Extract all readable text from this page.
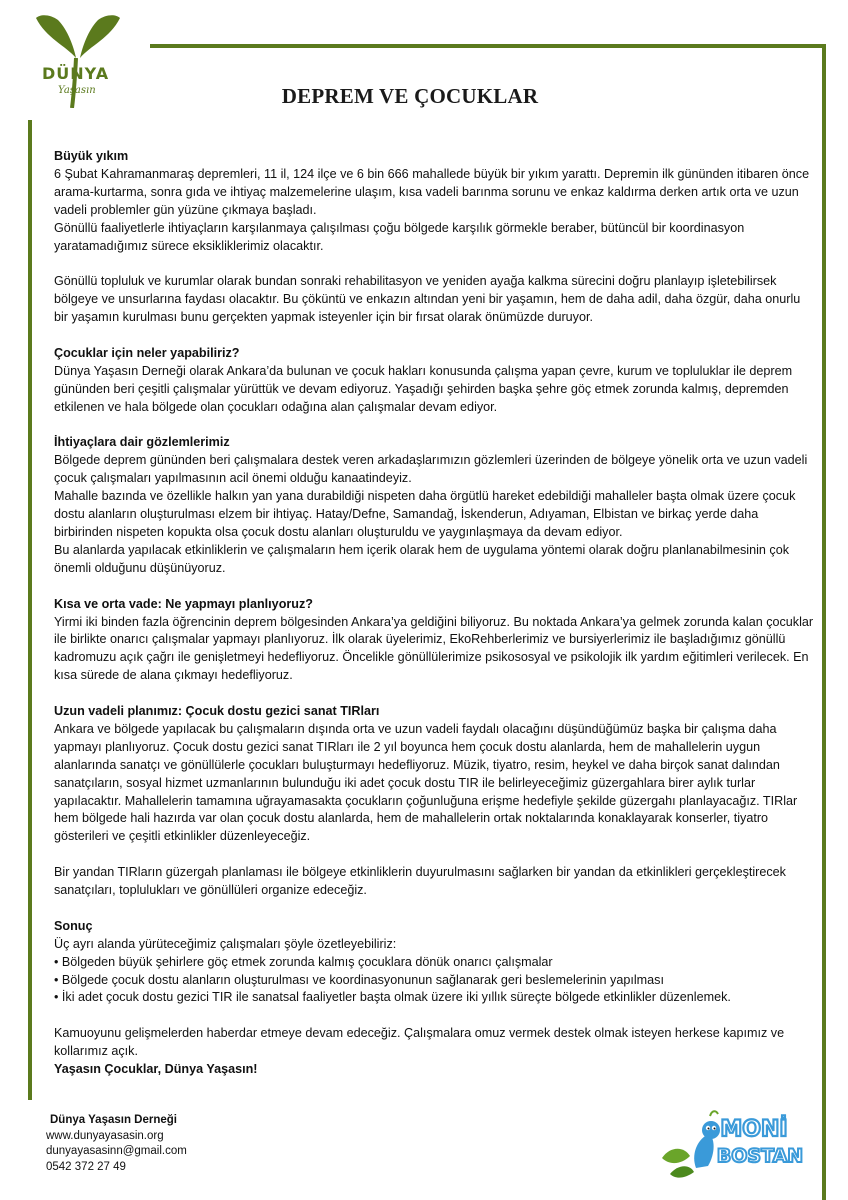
DÜNYA
Yaşasın	DEPREM VE ÇOCUKLAR

Büyük yıkım

6 Şubat Kahramanmaraş depremleri, 11 il, 124 ilçe ve 6 bin 666 mahallede büyük bir yıkım yarattı. Depremin ilk gününden itibaren önce arama-kurtarma, sonra gıda ve ihtiyaç malzemelerine ulaşım, kısa vadeli barınma sorunu ve enkaz kaldırma derken artık orta ve uzun vadeli problemler gün yüzüne çıkmaya başladı.

Gönüllü faaliyetlerle ihtiyaçların karşılanmaya çalışılması çoğu bölgede karşılık görmekle beraber, bütüncül bir koordinasyon yaratamadığımız sürece eksikliklerimiz olacaktır.

Gönüllü topluluk ve kurumlar olarak bundan sonraki rehabilitasyon ve yeniden ayağa kalkma sürecini doğru planlayıp işletebilirsek bölgeye ve unsurlarına faydası olacaktır. Bu çöküntü ve enkazın altından yeni bir yaşamın, hem de daha adil, daha özgür, daha onurlu bir yaşamın kurulması bunu gerçekten yapmak isteyenler için bir fırsat olarak önümüzde duruyor.

Çocuklar için neler yapabiliriz?

Dünya Yaşasın Derneği olarak Ankara’da bulunan ve çocuk hakları konusunda çalışma yapan çevre, kurum ve topluluklar ile deprem gününden beri çeşitli çalışmalar yürüttük ve devam ediyoruz. Yaşadığı şehirden başka şehre göç etmek zorunda kalmış, depremden etkilenen ve hala bölgede olan çocukları odağına alan çalışmalar devam ediyor.

İhtiyaçlara dair gözlemlerimiz

Bölgede deprem gününden beri çalışmalara destek veren arkadaşlarımızın gözlemleri üzerinden de bölgeye yönelik orta ve uzun vadeli çocuk çalışmaları yapılmasının acil önemi olduğu kanaatindeyiz.

Mahalle bazında ve özellikle halkın yan yana durabildiği nispeten daha örgütlü hareket edebildiği mahalleler başta olmak üzere çocuk dostu alanların oluşturulması elzem bir ihtiyaç. Hatay/Defne, Samandağ, İskenderun, Adıyaman, Elbistan ve birkaç yerde daha birbirinden nispeten kopukta olsa çocuk dostu alanları oluşturuldu ve yaygınlaşmaya da devam ediyor.

Bu alanlarda yapılacak etkinliklerin ve çalışmaların hem içerik olarak hem de uygulama yöntemi olarak doğru planlanabilmesinin çok önemli olduğunu düşünüyoruz.

Kısa ve orta vade: Ne yapmayı planlıyoruz?

Yirmi iki binden fazla öğrencinin deprem bölgesinden Ankara’ya geldiğini biliyoruz. Bu noktada Ankara’ya gelmek zorunda kalan çocuklar ile birlikte onarıcı çalışmalar yapmayı planlıyoruz. İlk olarak üyelerimiz, EkoRehberlerimiz ve bursiyerlerimiz ile başladığımız gönüllü kadromuzu açık çağrı ile genişletmeyi hedefliyoruz. Öncelikle gönüllülerimize psikososyal ve psikolojik ilk yardım eğitimleri verilecek. En kısa sürede de alana çıkmayı hedefliyoruz.

Uzun vadeli planımız: Çocuk dostu gezici sanat TIRları

Ankara ve bölgede yapılacak bu çalışmaların dışında orta ve uzun vadeli faydalı olacağını düşündüğümüz başka bir çalışma daha yapmayı planlıyoruz. Çocuk dostu gezici sanat TIRları ile 2 yıl boyunca hem çocuk dostu alanlarda, hem de mahallelerin uygun alanlarında sanatçı ve gönüllülerle çocukları buluşturmayı hedefliyoruz. Müzik, tiyatro, resim, heykel ve daha birçok sanat dalından sanatçıların, sosyal hizmet uzmanlarının bulunduğu iki adet çocuk dostu TIR ile belirleyeceğimiz güzergahlara birer aylık turlar yapılacaktır. Mahallelerin tamamına uğrayamasakta çocukların çoğunluğuna erişme hedefiyle şekilde güzergahı planlayacağız. TIRlar hem bölgede hali hazırda var olan çocuk dostu alanlarda, hem de mahallelerin ortak noktalarında konaklayarak konserler, tiyatro gösterileri ve çeşitli etkinlikler düzenleyeceğiz.

Bir yandan TIRların güzergah planlaması ile bölgeye etkinliklerin duyurulmasını sağlarken bir yandan da etkinlikleri gerçekleştirecek sanatçıları, toplulukları ve gönüllüleri organize edeceğiz.

Sonuç

Üç ayrı alanda yürüteceğimiz çalışmaları şöyle özetleyebiliriz:

• Bölgeden büyük şehirlere göç etmek zorunda kalmış çocuklara dönük onarıcı çalışmalar

• Bölgede çocuk dostu alanların oluşturulması ve koordinasyonunun sağlanarak geri beslemelerinin yapılması

• İki adet çocuk dostu gezici TIR ile sanatsal faaliyetler başta olmak üzere iki yıllık süreçte bölgede etkinlikler düzenlemek.

Kamuoyunu gelişmelerden haberdar etmeye devam edeceğiz. Çalışmalara omuz vermek destek olmak isteyen herkese kapımız ve kollarımız açık.

Yaşasın Çocuklar, Dünya Yaşasın!

Dünya Yaşasın Derneği
www.dunyayasasin.org
dunyayasasinn@gmail.com
0542 372 27 49
MONİ
BOSTAN
